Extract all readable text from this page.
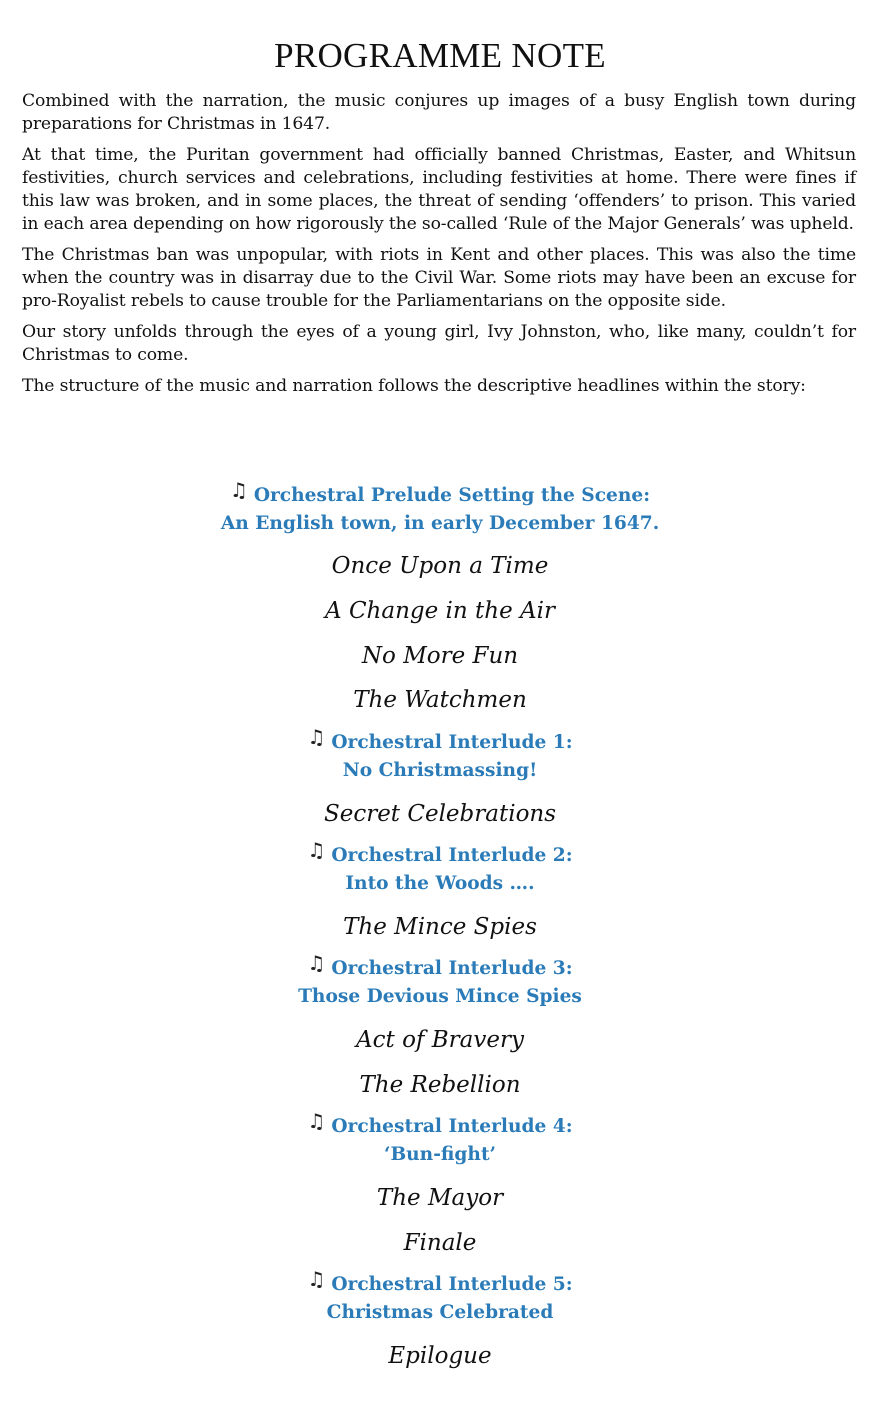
PROGRAMME NOTE

Combined with the narration, the music conjures up images of a busy English town during preparations for Christmas in 1647.

At that time, the Puritan government had officially banned Christmas, Easter, and Whitsun festivities, church services and celebrations, including festivities at home. There were fines if this law was broken, and in some places, the threat of sending ‘offenders’ to prison. This varied in each area depending on how rigorously the so-called ‘Rule of the Major Generals’ was upheld.

The Christmas ban was unpopular, with riots in Kent and other places. This was also the time when the country was in disarray due to the Civil War. Some riots may have been an excuse for pro-Royalist rebels to cause trouble for the Parliamentarians on the opposite side.

Our story unfolds through the eyes of a young girl, Ivy Johnston, who, like many, couldn’t for Christmas to come.

The structure of the music and narration follows the descriptive headlines within the story:

♫ Orchestral Prelude Setting the Scene:
An English town, in early December 1647.
Once Upon a Time
A Change in the Air
No More Fun
The Watchmen
♫ Orchestral Interlude 1:
No Christmassing!
Secret Celebrations
♫ Orchestral Interlude 2:
Into the Woods ….
The Mince Spies
♫ Orchestral Interlude 3:
Those Devious Mince Spies
Act of Bravery
The Rebellion
♫ Orchestral Interlude 4:
‘Bun-fight’
The Mayor
Finale
♫ Orchestral Interlude 5:
Christmas Celebrated
Epilogue
